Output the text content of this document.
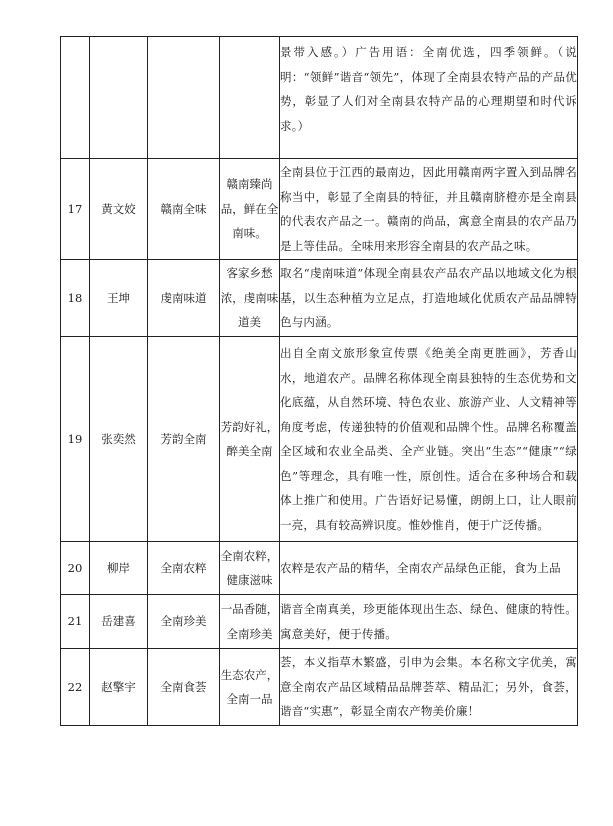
				景带入感。）广告用语：全南优选，四季领鲜。（说明：“领鲜”谐音“领先”，体现了全南县农特产品的产品优势，彰显了人们对全南县农特产品的心理期望和时代诉求。）

17	黄文姣	赣南全味	赣南臻尚品，鲜在全南味。	全南县位于江西的最南边，因此用赣南两字置入到品牌名称当中，彰显了全南县的特征，并且赣南脐橙亦是全南县的代表农产品之一。赣南的尚品，寓意全南县的农产品乃是上等佳品。全味用来形容全南县的农产品之味。

18	王坤	虔南味道	客家乡愁浓，虔南味道美	取名“虔南味道”体现全南县农产品农产品以地域文化为根基，以生态种植为立足点，打造地域化优质农产品品牌特色与内涵。

19	张奕然	芳韵全南	芳韵好礼，醉美全南	出自全南文旅形象宣传票《绝美全南更胜画》，芳香山水，地道农产。品牌名称体现全南县独特的生态优势和文化底蕴，从自然环境、特色农业、旅游产业、人文精神等角度考虑，传递独特的价值观和品牌个性。品牌名称覆盖全区域和农业全品类、全产业链。突出“生态”“健康”“绿色”等理念，具有唯一性，原创性。适合在多种场合和载体上推广和使用。广告语好记易懂，朗朗上口，让人眼前一亮，具有较高辨识度。惟妙惟肖，便于广泛传播。

20	柳岸	全南农粹	全南农粹，健康滋味	农粹是农产品的精华，全南农产品绿色正能，食为上品

21	岳建喜	全南珍美	一品香随，全南珍美	谐音全南真美，珍更能体现出生态、绿色、健康的特性。寓意美好，便于传播。

22	赵擎宇	全南食荟	生态农产，全南一品	荟，本义指草木繁盛，引申为会集。本名称文字优美，寓意全南农产品区域精品品牌荟萃、精品汇；另外，食荟，谐音“实惠”，彰显全南农产物美价廉！
